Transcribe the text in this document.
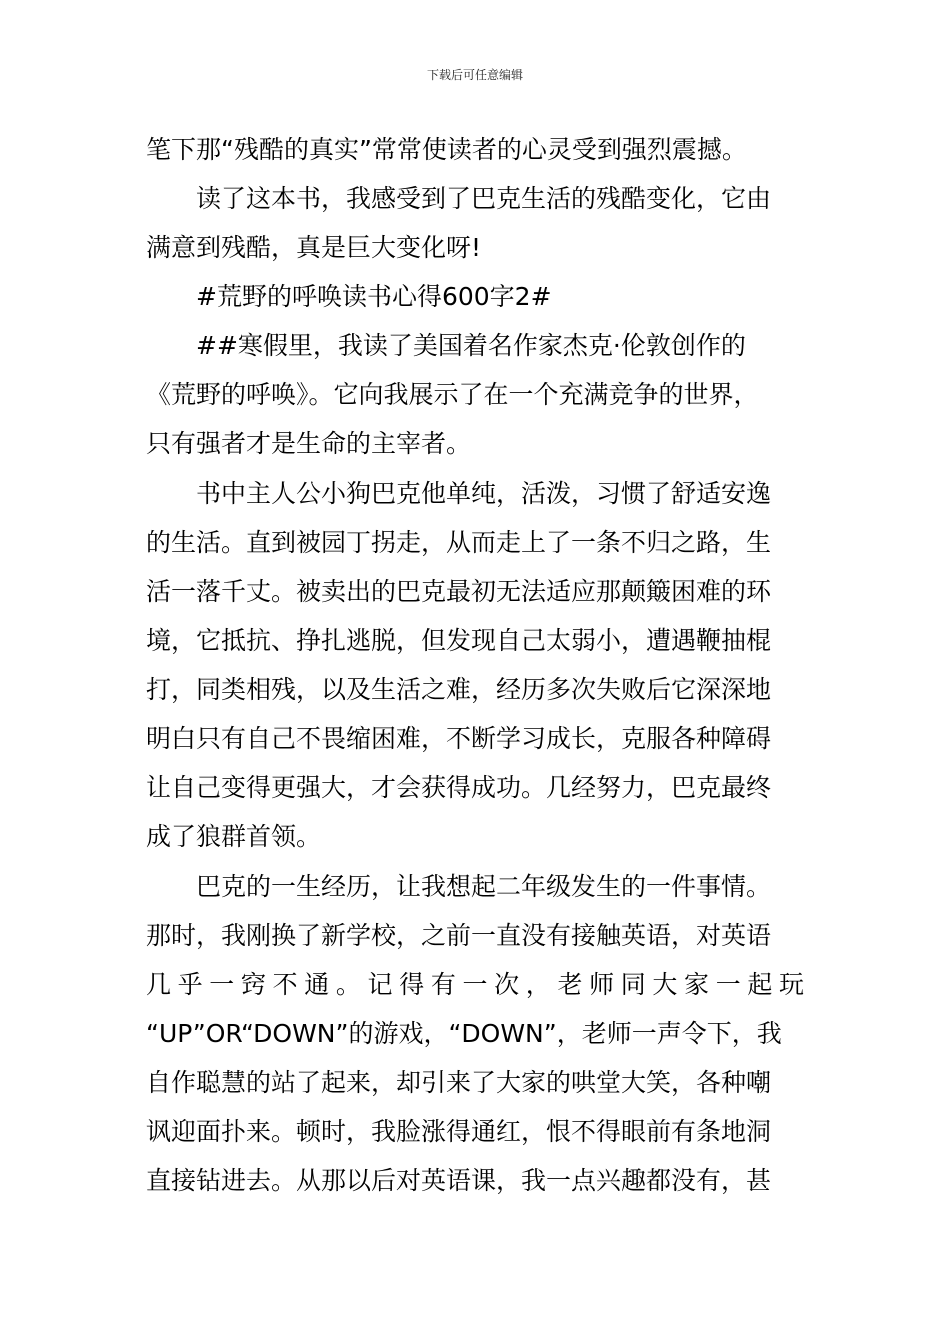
下载后可任意编辑
笔下那“残酷的真实”常常使读者的心灵受到强烈震撼。
读了这本书，我感受到了巴克生活的残酷变化，它由
满意到残酷，真是巨大变化呀!
#荒野的呼唤读书心得600字2#
##寒假里，我读了美国着名作家杰克·伦敦创作的
《荒野的呼唤》。它向我展示了在一个充满竞争的世界，
只有强者才是生命的主宰者。
书中主人公小狗巴克他单纯，活泼，习惯了舒适安逸
的生活。直到被园丁拐走，从而走上了一条不归之路，生
活一落千丈。被卖出的巴克最初无法适应那颠簸困难的环
境，它抵抗、挣扎逃脱，但发现自己太弱小，遭遇鞭抽棍
打，同类相残，以及生活之难，经历多次失败后它深深地
明白只有自己不畏缩困难，不断学习成长，克服各种障碍
让自己变得更强大，才会获得成功。几经努力，巴克最终
成了狼群首领。
巴克的一生经历，让我想起二年级发生的一件事情。
那时，我刚换了新学校，之前一直没有接触英语，对英语
几乎一窍不通。记得有一次，老师同大家一起玩
“UP”OR“DOWN”的游戏，“DOWN”，老师一声令下，我
自作聪慧的站了起来，却引来了大家的哄堂大笑，各种嘲
讽迎面扑来。顿时，我脸涨得通红，恨不得眼前有条地洞
直接钻进去。从那以后对英语课，我一点兴趣都没有，甚
